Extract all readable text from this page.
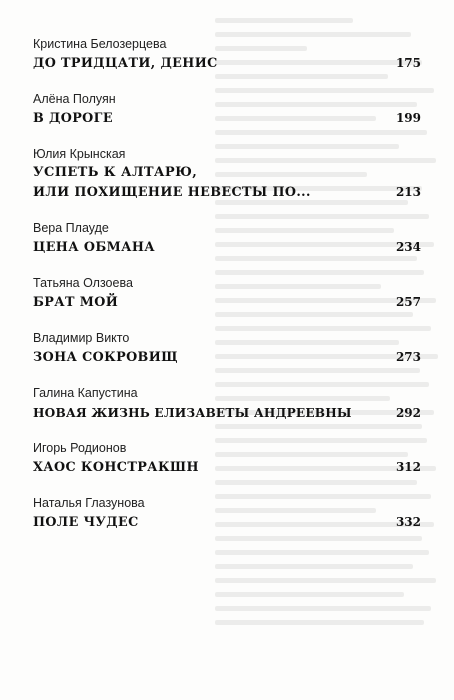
Кристина Белозерцева
ДО ТРИДЦАТИ, ДЕНИС	175
Алёна Полуян
В ДОРОГЕ	199
Юлия Крынская
УСПЕТЬ К АЛТАРЮ,
ИЛИ ПОХИЩЕНИЕ НЕВЕСТЫ ПО...	213
Вера Плауде
ЦЕНА ОБМАНА	234
Татьяна Олзоева
БРАТ МОЙ	257
Владимир Викто
ЗОНА СОКРОВИЩ	273
Галина Капустина
НОВАЯ ЖИЗНЬ ЕЛИЗАВЕТЫ АНДРЕЕВНЫ	292
Игорь Родионов
ХАОС КОНСТРАКШН	312
Наталья Глазунова
ПОЛЕ ЧУДЕС	332
